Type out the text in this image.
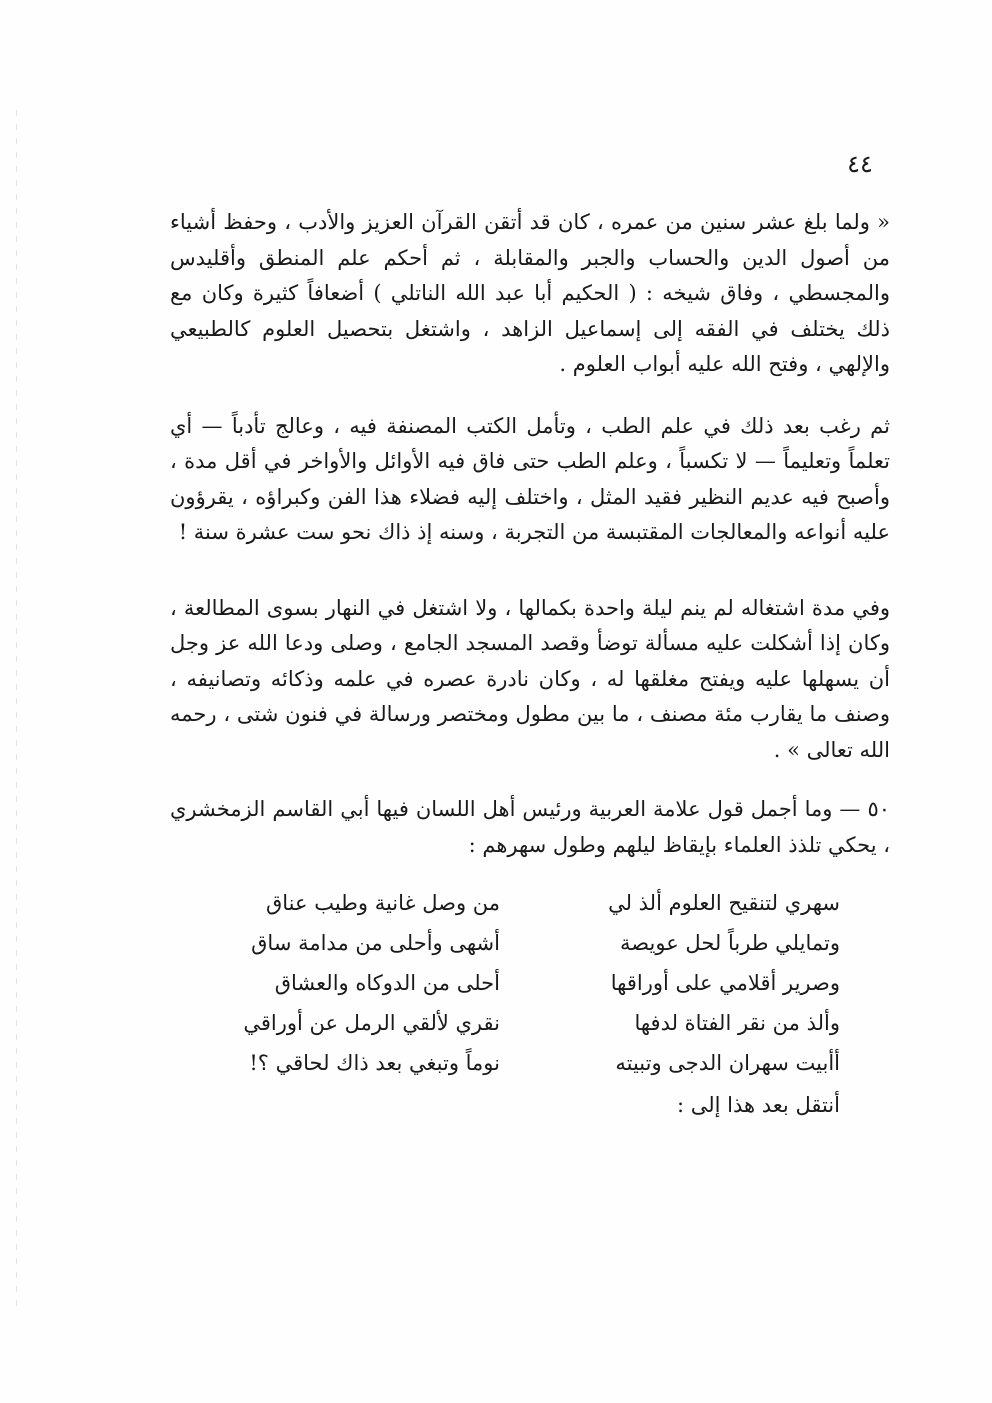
٤٤

« ولما بلغ عشر سنين من عمره ، كان قد أتقن القرآن العزيز والأدب ، وحفظ أشياء من أصول الدين والحساب والجبر والمقابلة ، ثم أحكم علم المنطق وأقليدس والمجسطي ، وفاق شيخه : ( الحكيم أبا عبد الله الناتلي ) أضعافاً كثيرة وكان مع ذلك يختلف في الفقه إلى إسماعيل الزاهد ، واشتغل بتحصيل العلوم كالطبيعي والإلهي ، وفتح الله عليه أبواب العلوم .

ثم رغب بعد ذلك في علم الطب ، وتأمل الكتب المصنفة فيه ، وعالج تأدباً — أي تعلماً وتعليماً — لا تكسباً ، وعلم الطب حتى فاق فيه الأوائل والأواخر في أقل مدة ، وأصبح فيه عديم النظير فقيد المثل ، واختلف إليه فضلاء هذا الفن وكبراؤه ، يقرؤون عليه أنواعه والمعالجات المقتبسة من التجربة ، وسنه إذ ذاك نحو ست عشرة سنة !

وفي مدة اشتغاله لم ينم ليلة واحدة بكمالها ، ولا اشتغل في النهار بسوى المطالعة ، وكان إذا أشكلت عليه مسألة توضأ وقصد المسجد الجامع ، وصلى ودعا الله عز وجل أن يسهلها عليه ويفتح مغلقها له ، وكان نادرة عصره في علمه وذكائه وتصانيفه ، وصنف ما يقارب مئة مصنف ، ما بين مطول ومختصر ورسالة في فنون شتى ، رحمه الله تعالى » .

٥٠ — وما أجمل قول علامة العربية ورئيس أهل اللسان فيها أبي القاسم الزمخشري ، يحكي تلذذ العلماء بإيقاظ ليلهم وطول سهرهم :

سهري لتنقيح العلوم ألذ لي
من وصل غانية وطيب عناق
وتمايلي طرباً لحل عويصة
أشهى وأحلى من مدامة ساق
وصرير أقلامي على أوراقها
أحلى من الدوكاه والعشاق
وألذ من نقر الفتاة لدفها
نقري لألقي الرمل عن أوراقي
أأبيت سهران الدجى وتبيته
نوماً وتبغي بعد ذاك لحاقي ؟!
أنتقل بعد هذا إلى :
